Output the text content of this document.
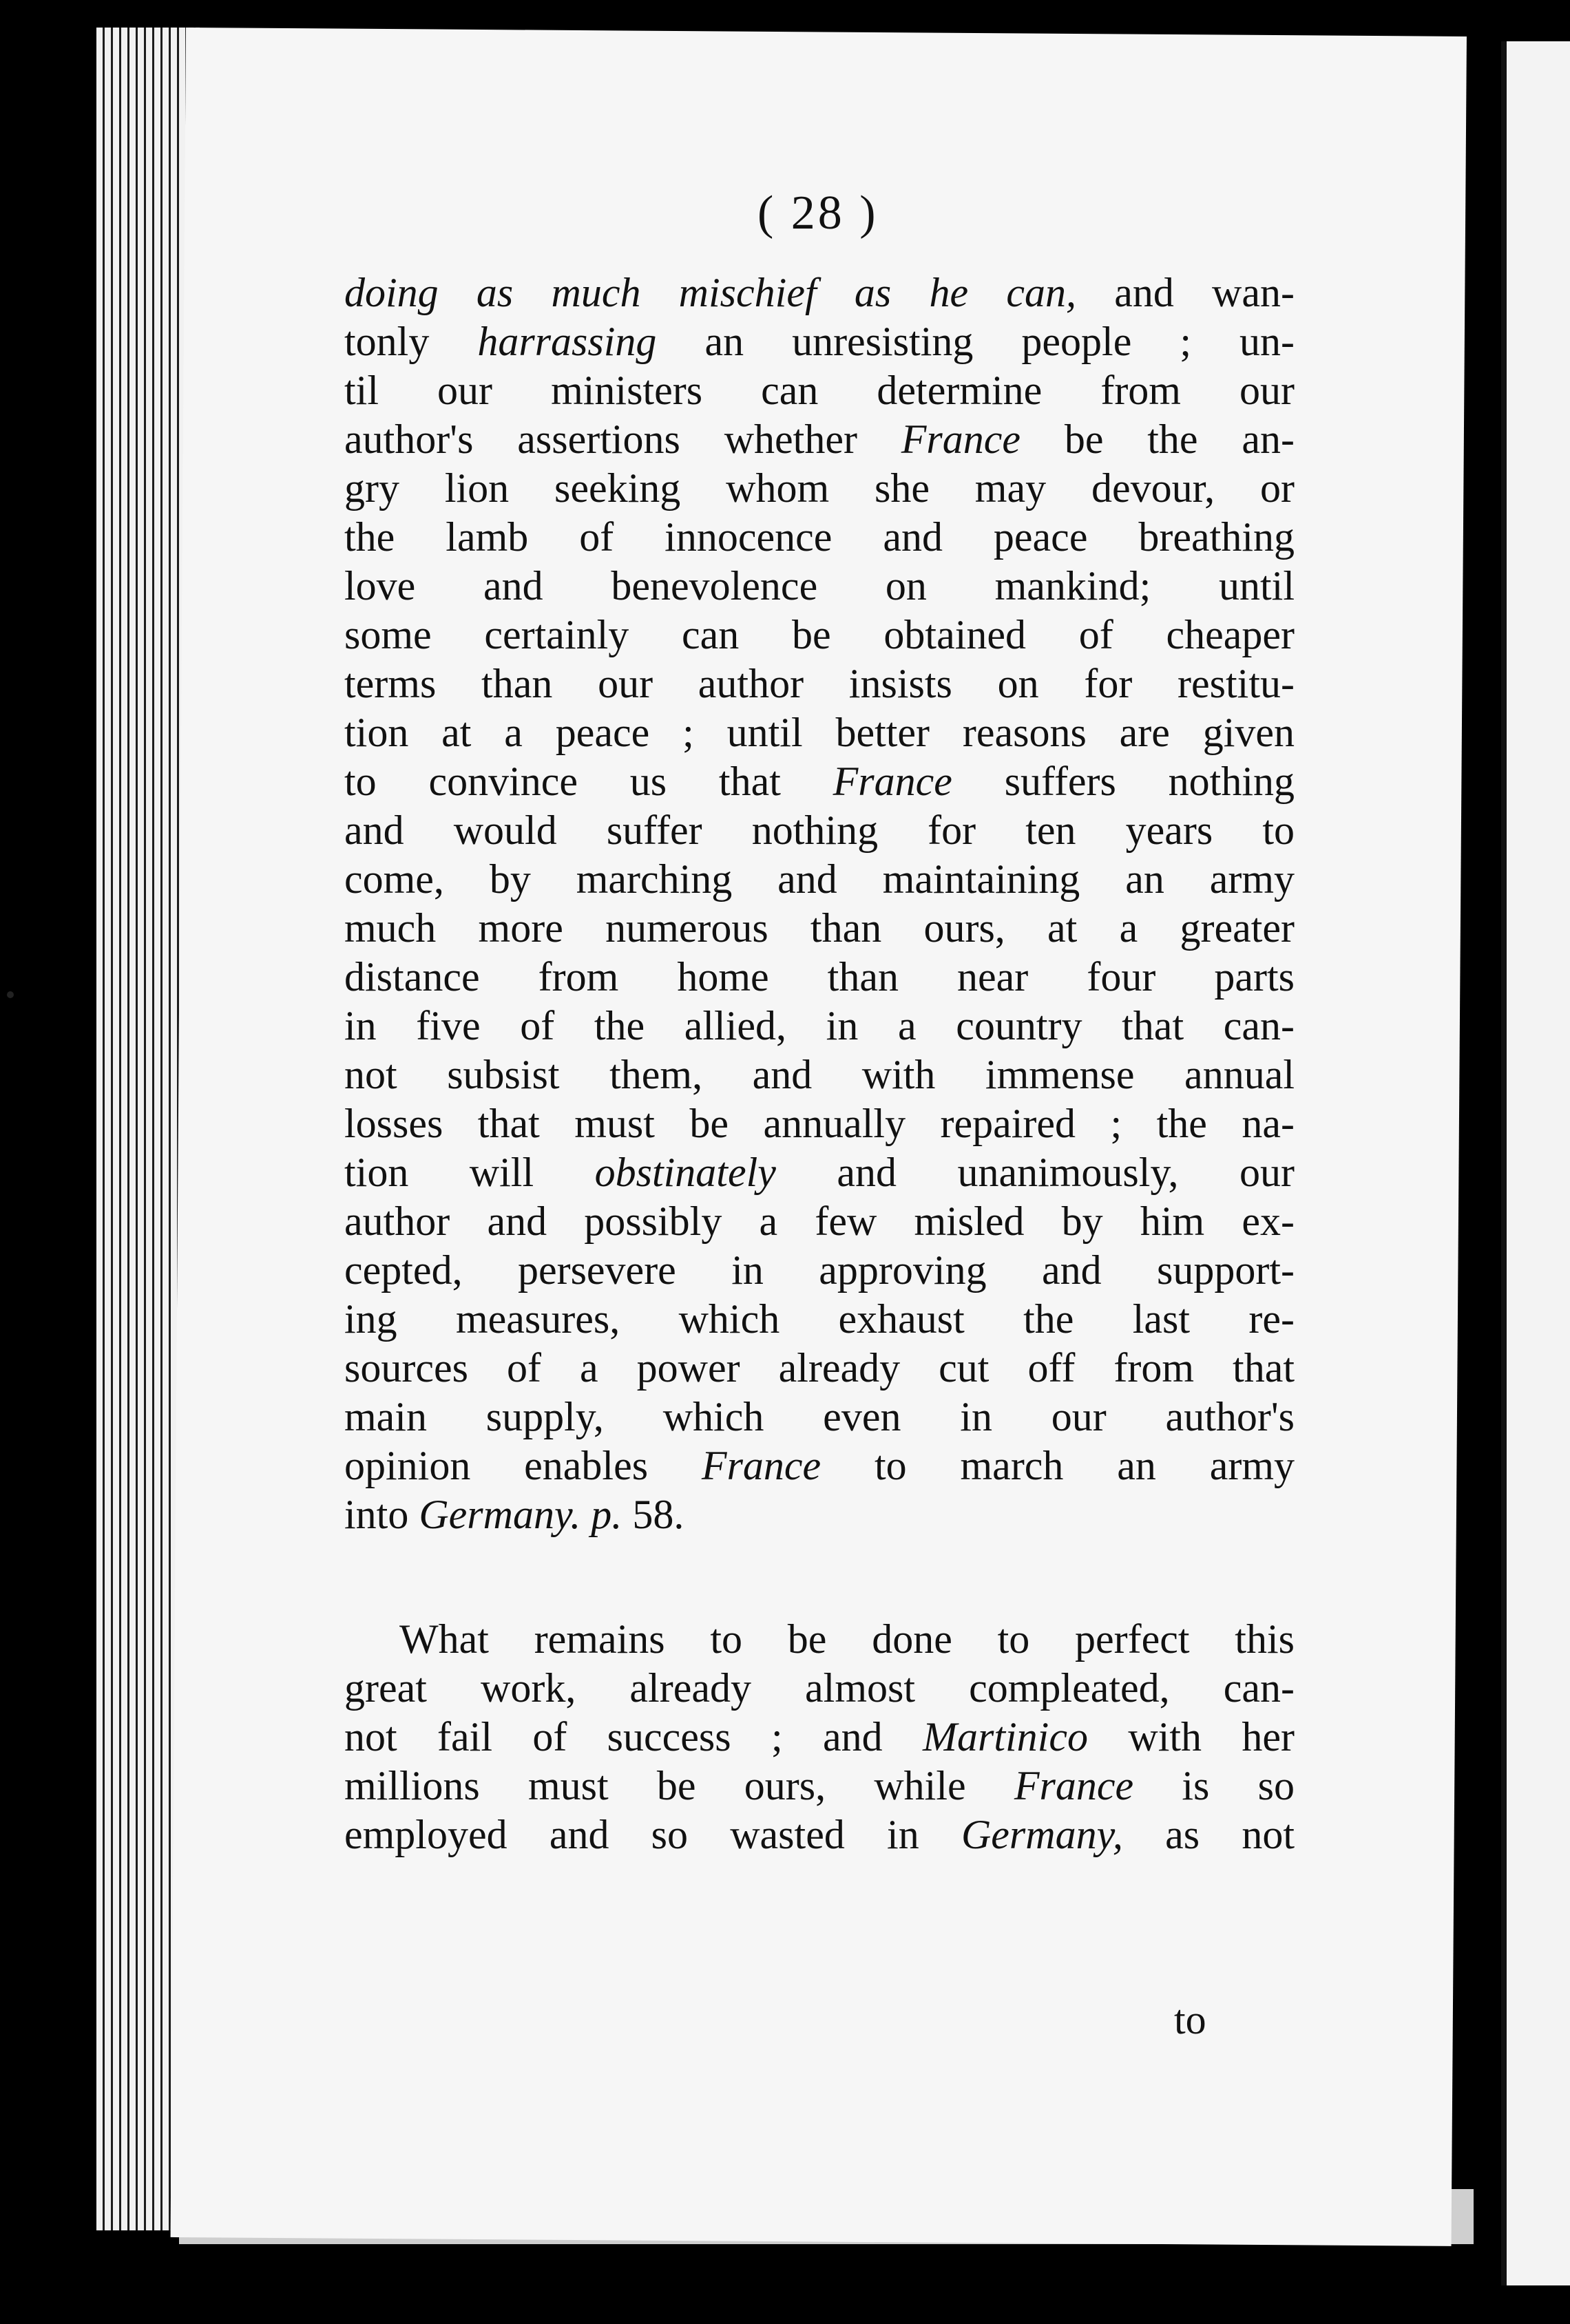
( 28 )
doing as much mischief as he can, and wan-
tonly harrassing an unresisting people ; un-
til our ministers can determine from our
author's assertions whether France be the an-
gry lion seeking whom she may devour, or
the lamb of innocence and peace breathing
love and benevolence on mankind; until
some certainly can be obtained of cheaper
terms than our author insists on for restitu-
tion at a peace ; until better reasons are given
to convince us that France suffers nothing
and would suffer nothing for ten years to
come, by marching and maintaining an army
much more numerous than ours, at a greater
distance from home than near four parts
in five of the allied, in a country that can-
not subsist them, and with immense annual
losses that must be annually repaired ; the na-
tion will obstinately and unanimously, our
author and possibly a few misled by him ex-
cepted, persevere in approving and support-
ing measures, which exhaust the last re-
sources of a power already cut off from that
main supply, which even in our author's
opinion enables France to march an army
into Germany. p. 58.
What remains to be done to perfect this
great work, already almost compleated, can-
not fail of success ; and Martinico with her
millions must be ours, while France is so
employed and so wasted in Germany, as not
to
